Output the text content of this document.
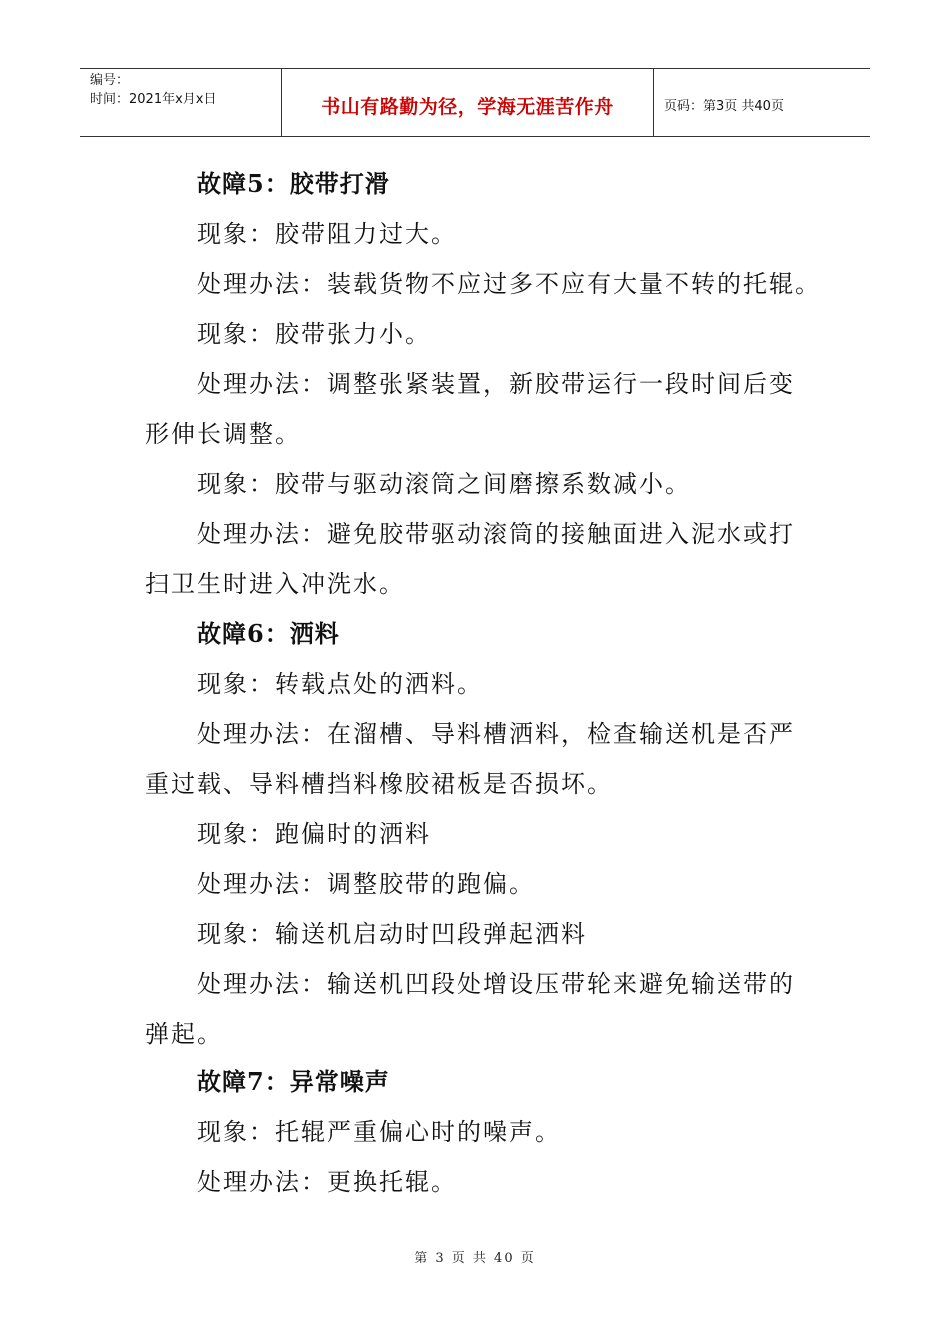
编号：
时间：2021年x月x日	书山有路勤为径，学海无涯苦作舟	页码：第3页 共40页
故障5：胶带打滑
现象：胶带阻力过大。
处理办法：装载货物不应过多不应有大量不转的托辊。
现象：胶带张力小。
处理办法：调整张紧装置，新胶带运行一段时间后变
形伸长调整。
现象：胶带与驱动滚筒之间磨擦系数减小。
处理办法：避免胶带驱动滚筒的接触面进入泥水或打
扫卫生时进入冲洗水。
故障6：洒料
现象：转载点处的洒料。
处理办法：在溜槽、导料槽洒料，检查输送机是否严
重过载、导料槽挡料橡胶裙板是否损坏。
现象：跑偏时的洒料
处理办法：调整胶带的跑偏。
现象：输送机启动时凹段弹起洒料
处理办法：输送机凹段处增设压带轮来避免输送带的
弹起。
故障7：异常噪声
现象：托辊严重偏心时的噪声。
处理办法：更换托辊。
第 3 页 共 40 页
